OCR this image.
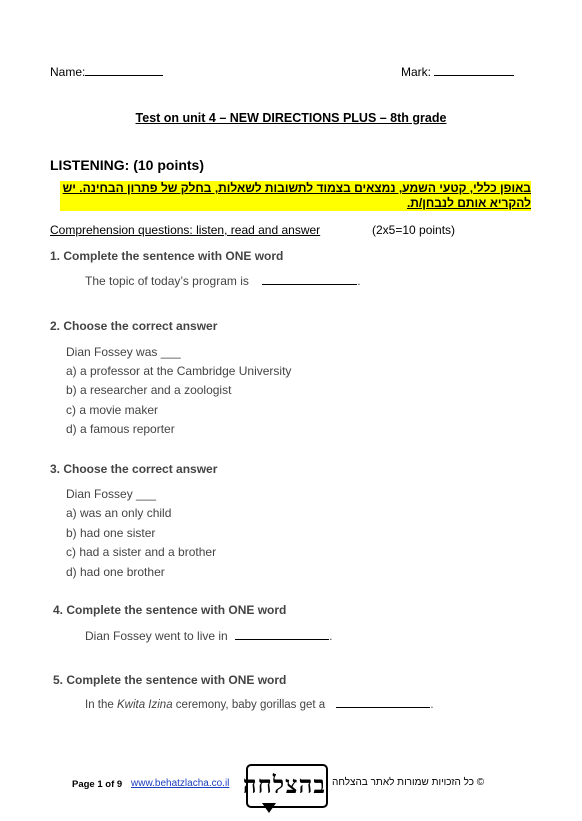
Name:	Mark:
Test on unit 4 – NEW DIRECTIONS PLUS – 8th grade
LISTENING: (10 points)
באופן כללי, קטעי השמע, נמצאים בצמוד לתשובות לשאלות, בחלק של פתרון הבחינה. יש להקריא אותם לנבחן/ת.
Comprehension questions: listen, read and answer	(2x5=10 points)
1. Complete the sentence with ONE word
The topic of today’s program is	.
2. Choose the correct answer
Dian Fossey was ___
a) a professor at the Cambridge University
b) a researcher and a zoologist
c) a movie maker
d) a famous reporter
3. Choose the correct answer
Dian Fossey ___
a) was an only child
b) had one sister
c) had a sister and a brother
d) had one brother
4. Complete the sentence with ONE word
Dian Fossey went to live in	.
5. Complete the sentence with ONE word
In the Kwita Izina ceremony, baby gorillas get a	.
Page 1 of 9 www.behatzlacha.co.il בהצלחה © כל הזכויות שמורות לאתר בהצלחה
